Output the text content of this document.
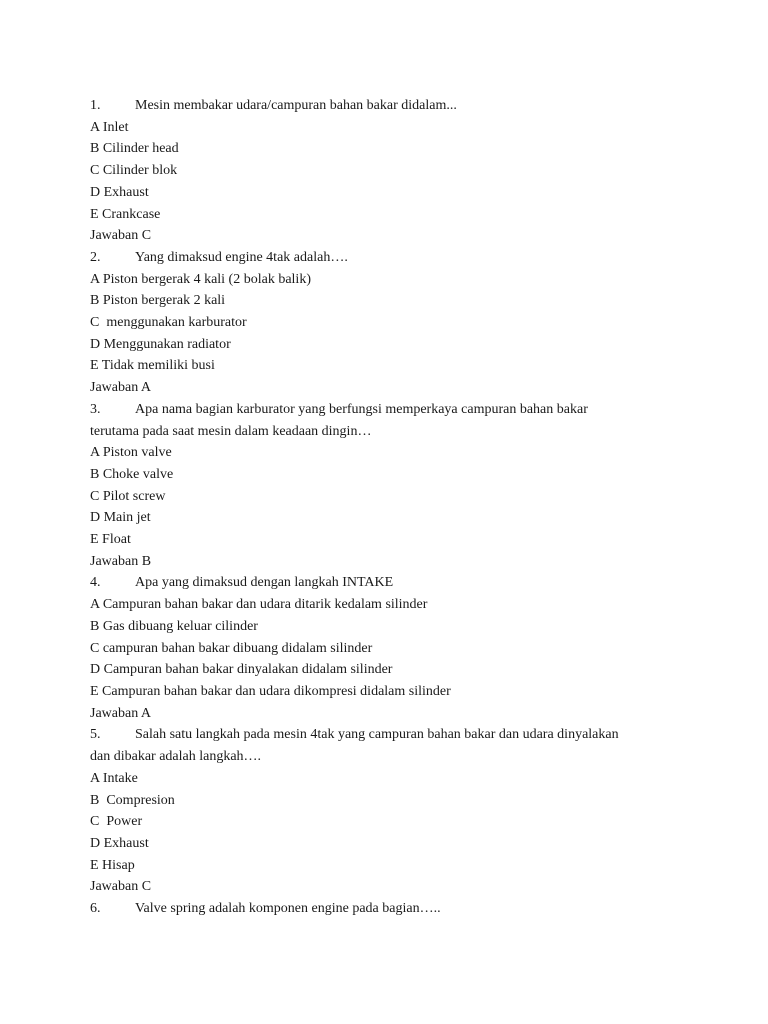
1. Mesin membakar udara/campuran bahan bakar didalam...

A Inlet

B Cilinder head

C Cilinder blok

D Exhaust

E Crankcase

Jawaban C

2. Yang dimaksud engine 4tak adalah….

A Piston bergerak 4 kali (2 bolak balik)

B Piston bergerak 2 kali

C  menggunakan karburator

D Menggunakan radiator

E Tidak memiliki busi

Jawaban A

3. Apa nama bagian karburator yang berfungsi memperkaya campuran bahan bakar

terutama pada saat mesin dalam keadaan dingin…

A Piston valve

B Choke valve

C Pilot screw

D Main jet

E Float

Jawaban B

4. Apa yang dimaksud dengan langkah INTAKE

A Campuran bahan bakar dan udara ditarik kedalam silinder

B Gas dibuang keluar cilinder

C campuran bahan bakar dibuang didalam silinder

D Campuran bahan bakar dinyalakan didalam silinder

E Campuran bahan bakar dan udara dikompresi didalam silinder

Jawaban A

5. Salah satu langkah pada mesin 4tak yang campuran bahan bakar dan udara dinyalakan

dan dibakar adalah langkah….

A Intake

B  Compresion

C  Power

D Exhaust

E Hisap

Jawaban C

6. Valve spring adalah komponen engine pada bagian…..
